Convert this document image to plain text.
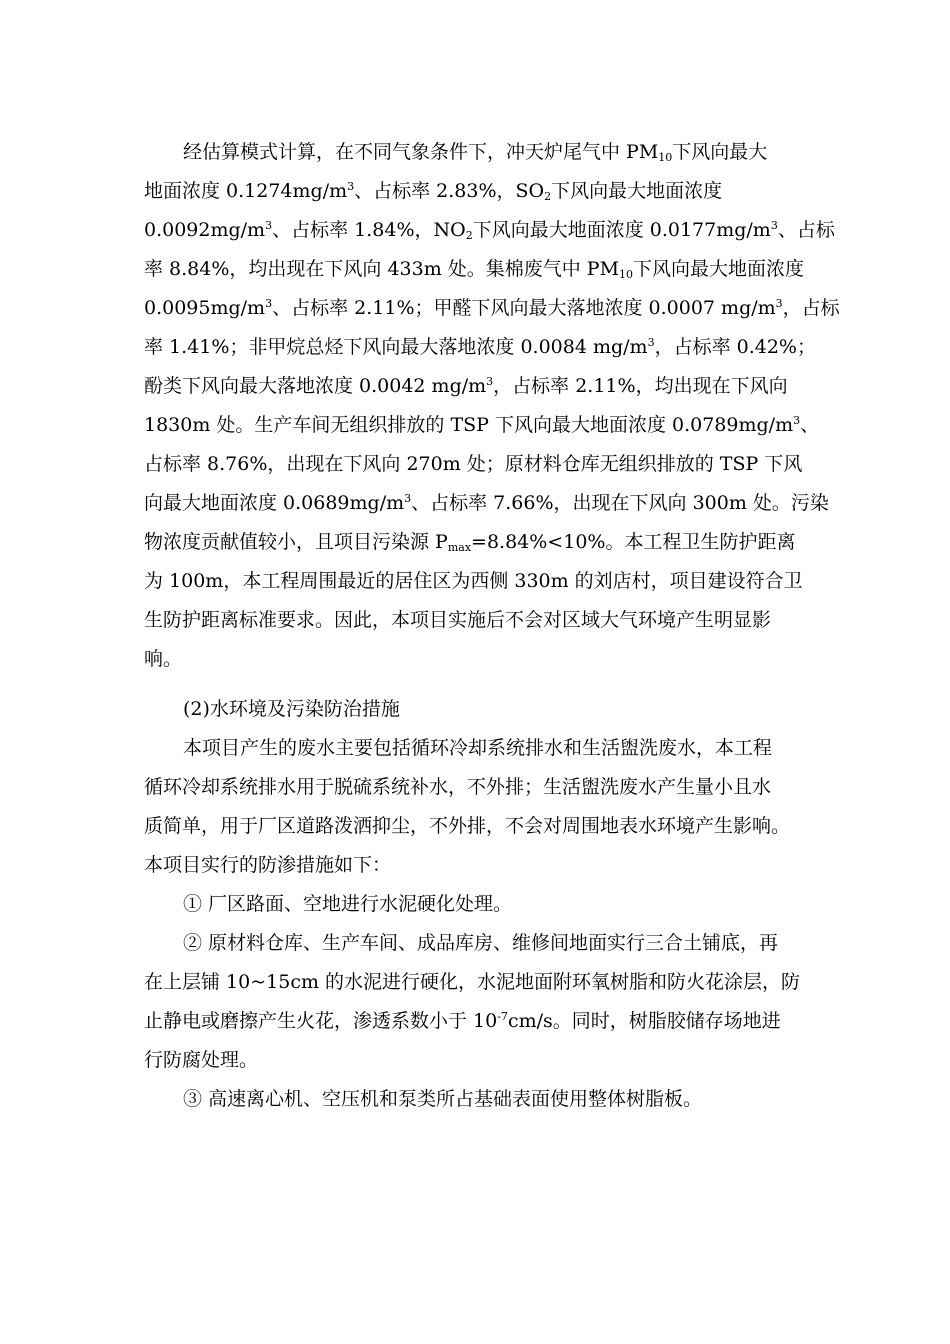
经估算模式计算，在不同气象条件下，冲天炉尾气中 $PM_{10}$下风向最大
地面浓度 $0.1274mg/m^3$、占标率 2.83%，$SO_2$下风向最大地面浓度
$0.0092mg/m^3$、占标率 1.84%，$NO_2$下风向最大地面浓度 $0.0177mg/m^3$、占标
率 8.84%，均出现在下风向 433m 处。集棉废气中 $PM_{10}$下风向最大地面浓度
$0.0095mg/m^3$、占标率 2.11%；甲醛下风向最大落地浓度 0.0007 $mg/m^3$，占标
率 1.41%；非甲烷总烃下风向最大落地浓度 0.0084 $mg/m^3$，占标率 0.42%；
酚类下风向最大落地浓度 0.0042 $mg/m^3$，占标率 2.11%，均出现在下风向
1830m 处。生产车间无组织排放的 TSP 下风向最大地面浓度 $0.0789mg/m^3$、
占标率 8.76%，出现在下风向 270m 处；原材料仓库无组织排放的 TSP 下风
向最大地面浓度 $0.0689mg/m^3$、占标率 7.66%，出现在下风向 300m 处。污染
物浓度贡献值较小，且项目污染源 $P_{max}=8.84\%<10\%$。本工程卫生防护距离
为 100m，本工程周围最近的居住区为西侧 330m 的刘店村，项目建设符合卫
生防护距离标准要求。因此，本项目实施后不会对区域大气环境产生明显影
响。
(2)水环境及污染防治措施
本项目产生的废水主要包括循环冷却系统排水和生活盥洗废水，本工程
循环冷却系统排水用于脱硫系统补水，不外排；生活盥洗废水产生量小且水
质简单，用于厂区道路泼洒抑尘，不外排，不会对周围地表水环境产生影响。
本项目实行的防渗措施如下：
① 厂区路面、空地进行水泥硬化处理。
② 原材料仓库、生产车间、成品库房、维修间地面实行三合土铺底，再
在上层铺 10~15cm 的水泥进行硬化，水泥地面附环氧树脂和防火花涂层，防
止静电或磨擦产生火花，渗透系数小于 $10^{-7}cm/s$。同时，树脂胶储存场地进
行防腐处理。
③ 高速离心机、空压机和泵类所占基础表面使用整体树脂板。
